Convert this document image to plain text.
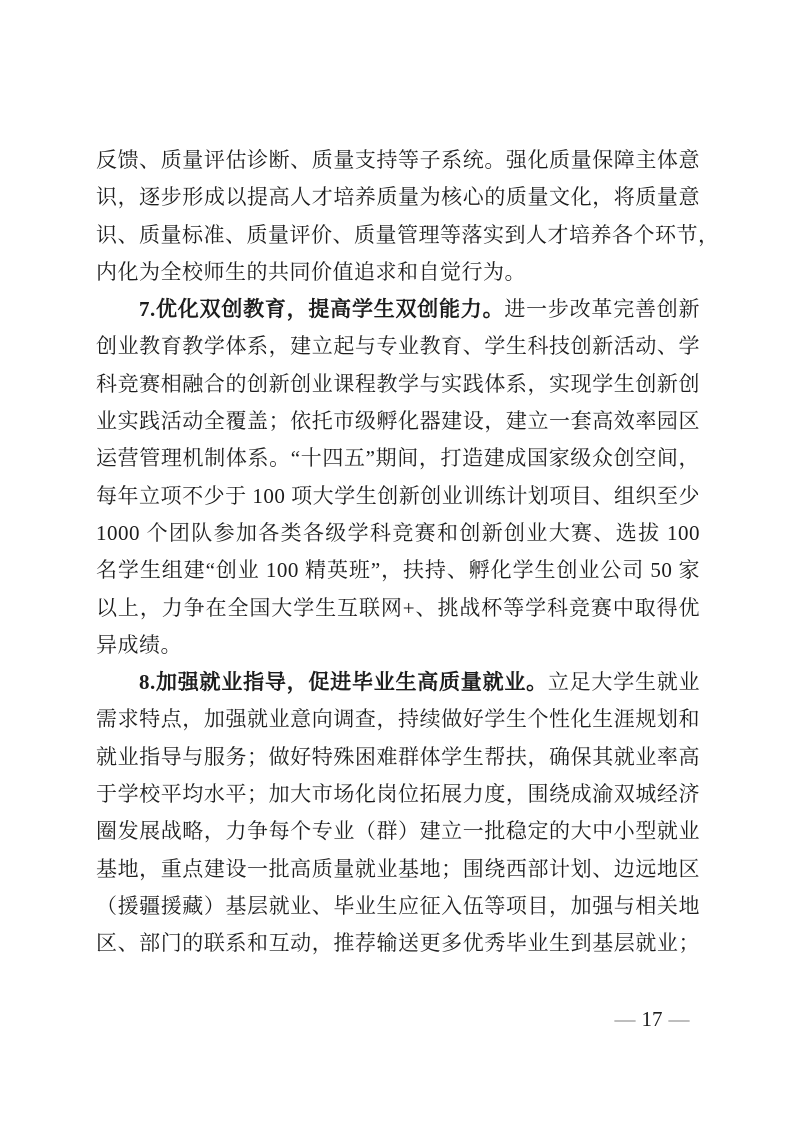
反馈、质量评估诊断、质量支持等子系统。强化质量保障主体意
识，逐步形成以提高人才培养质量为核心的质量文化，将质量意
识、质量标准、质量评价、质量管理等落实到人才培养各个环节，
内化为全校师生的共同价值追求和自觉行为。
7.优化双创教育，提高学生双创能力。进一步改革完善创新
创业教育教学体系，建立起与专业教育、学生科技创新活动、学
科竞赛相融合的创新创业课程教学与实践体系，实现学生创新创
业实践活动全覆盖；依托市级孵化器建设，建立一套高效率园区
运营管理机制体系。“十四五”期间，打造建成国家级众创空间，
每年立项不少于 100 项大学生创新创业训练计划项目、组织至少
1000 个团队参加各类各级学科竞赛和创新创业大赛、选拔 100
名学生组建“创业 100 精英班”，扶持、孵化学生创业公司 50 家
以上，力争在全国大学生互联网+、挑战杯等学科竞赛中取得优
异成绩。
8.加强就业指导，促进毕业生高质量就业。立足大学生就业
需求特点，加强就业意向调查，持续做好学生个性化生涯规划和
就业指导与服务；做好特殊困难群体学生帮扶，确保其就业率高
于学校平均水平；加大市场化岗位拓展力度，围绕成渝双城经济
圈发展战略，力争每个专业（群）建立一批稳定的大中小型就业
基地，重点建设一批高质量就业基地；围绕西部计划、边远地区
（援疆援藏）基层就业、毕业生应征入伍等项目，加强与相关地
区、部门的联系和互动，推荐输送更多优秀毕业生到基层就业；
— 17 —
